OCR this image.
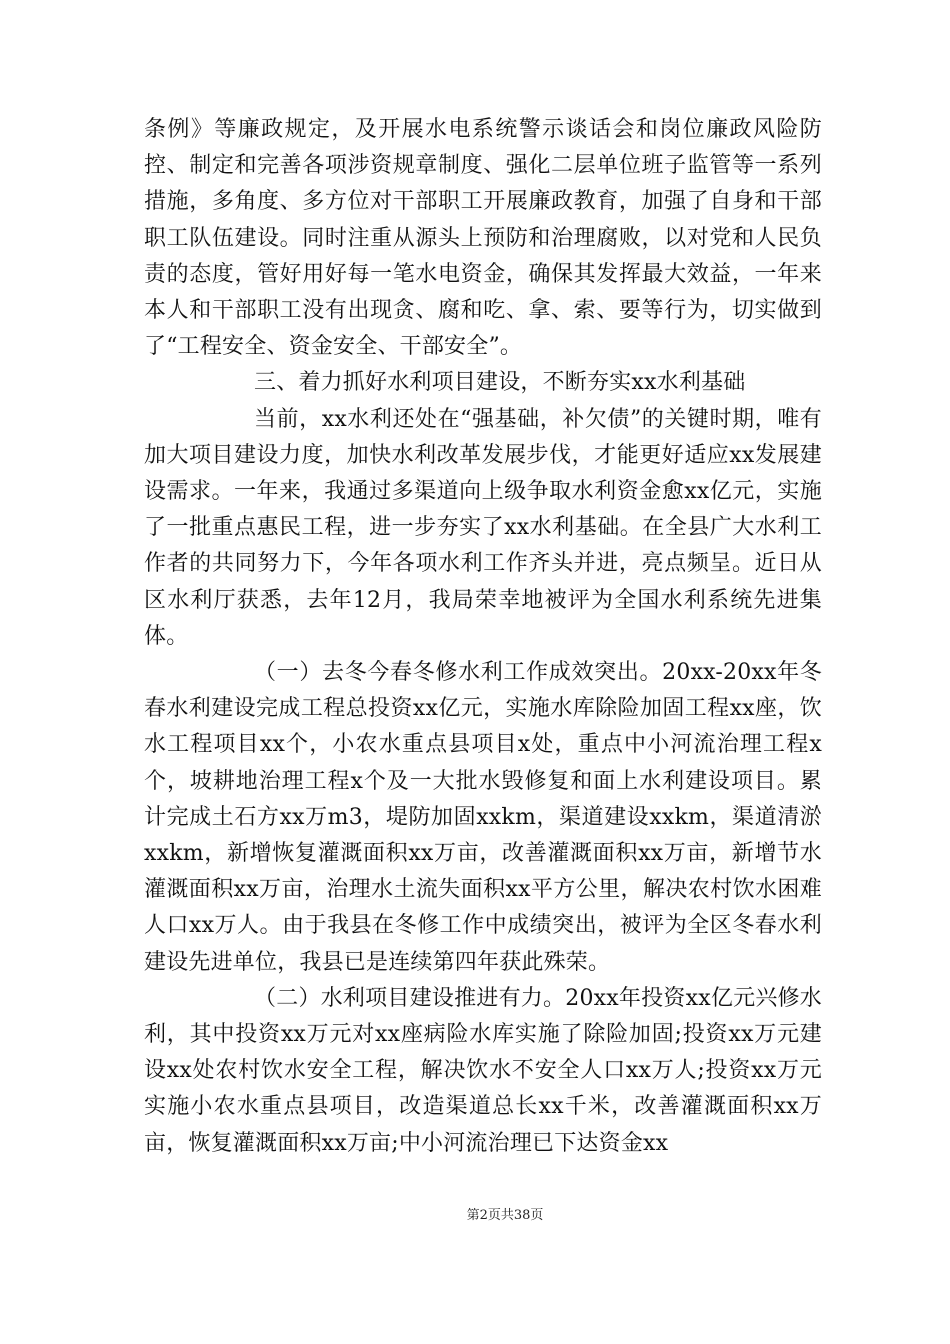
条例》等廉政规定，及开展水电系统警示谈话会和岗位廉政风险防控、制定和完善各项涉资规章制度、强化二层单位班子监管等一系列措施，多角度、多方位对干部职工开展廉政教育，加强了自身和干部职工队伍建设。同时注重从源头上预防和治理腐败，以对党和人民负责的态度，管好用好每一笔水电资金，确保其发挥最大效益，一年来本人和干部职工没有出现贪、腐和吃、拿、索、要等行为，切实做到了“工程安全、资金安全、干部安全”。

三、着力抓好水利项目建设，不断夯实xx水利基础

当前，xx水利还处在“强基础，补欠债”的关键时期，唯有加大项目建设力度，加快水利改革发展步伐，才能更好适应xx发展建设需求。一年来，我通过多渠道向上级争取水利资金愈xx亿元，实施了一批重点惠民工程，进一步夯实了xx水利基础。在全县广大水利工作者的共同努力下，今年各项水利工作齐头并进，亮点频呈。近日从区水利厅获悉，去年12月，我局荣幸地被评为全国水利系统先进集体。

（一）去冬今春冬修水利工作成效突出。20xx-20xx年冬春水利建设完成工程总投资xx亿元，实施水库除险加固工程xx座，饮水工程项目xx个，小农水重点县项目x处，重点中小河流治理工程x个，坡耕地治理工程x个及一大批水毁修复和面上水利建设项目。累计完成土石方xx万m3，堤防加固xxkm，渠道建设xxkm，渠道清淤xxkm，新增恢复灌溉面积xx万亩，改善灌溉面积xx万亩，新增节水灌溉面积xx万亩，治理水土流失面积xx平方公里，解决农村饮水困难人口xx万人。由于我县在冬修工作中成绩突出，被评为全区冬春水利建设先进单位，我县已是连续第四年获此殊荣。

（二）水利项目建设推进有力。20xx年投资xx亿元兴修水利，其中投资xx万元对xx座病险水库实施了除险加固;投资xx万元建设xx处农村饮水安全工程，解决饮水不安全人口xx万人;投资xx万元实施小农水重点县项目，改造渠道总长xx千米，改善灌溉面积xx万亩，恢复灌溉面积xx万亩;中小河流治理已下达资金xx

第2页共38页
